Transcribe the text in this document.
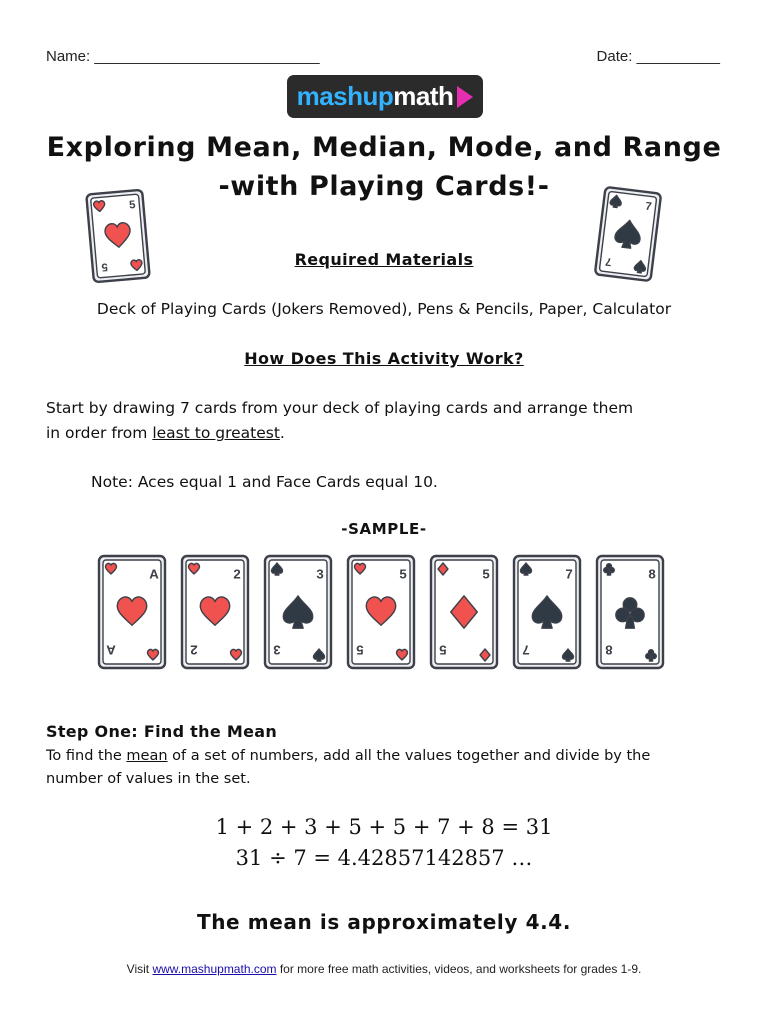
Name: ___________________________	Date: __________
mashup math
Exploring Mean, Median, Mode, and Range
-with Playing Cards!-
5
5
7
7
Required Materials
Deck of Playing Cards (Jokers Removed), Pens & Pencils, Paper, Calculator
How Does This Activity Work?
Start by drawing 7 cards from your deck of playing cards and arrange them
in order from least to greatest.
Note: Aces equal 1 and Face Cards equal 10.
-SAMPLE-
A
A
2
2
3
3
5
5
5
5
7
7
8
8
Step One: Find the Mean
To find the mean of a set of numbers, add all the values together and divide by the
number of values in the set.
1 + 2 + 3 + 5 + 5 + 7 + 8 = 31
31 ÷ 7 = 4.42857142857 …
The mean is approximately 4.4.
Visit www.mashupmath.com for more free math activities, videos, and worksheets for grades 1-9.
